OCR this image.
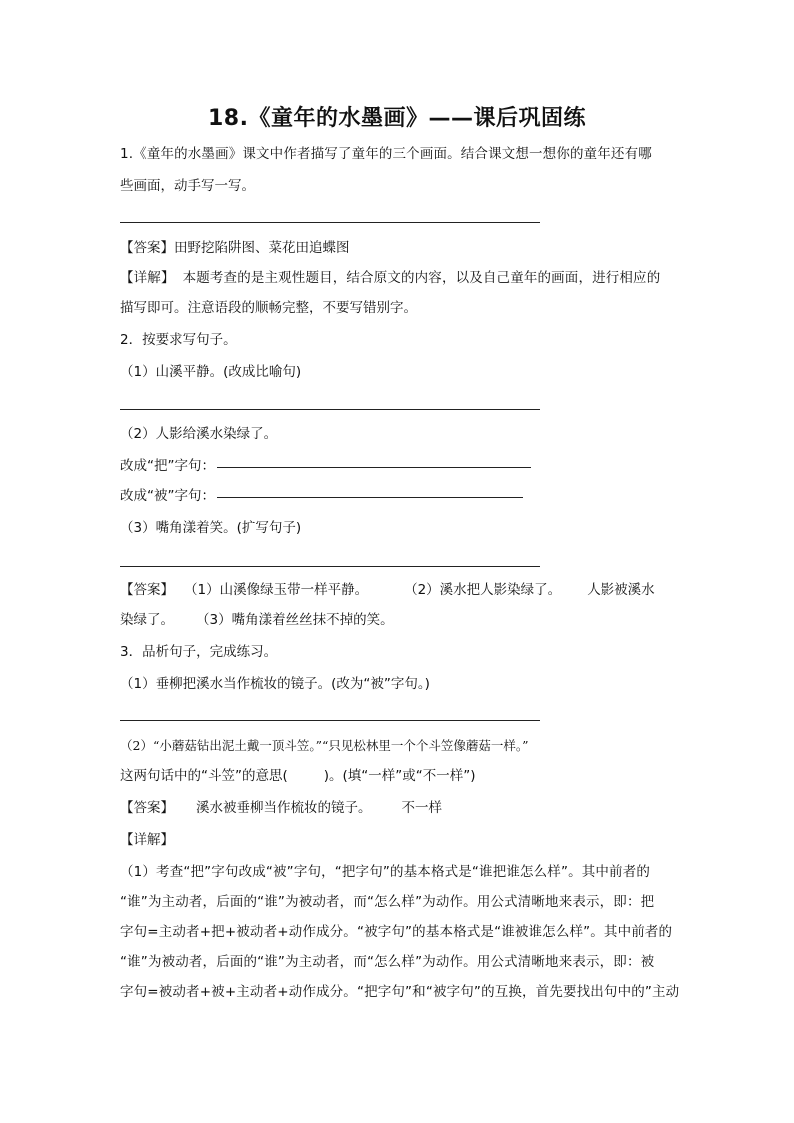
18.《童年的水墨画》——课后巩固练
1.《童年的水墨画》课文中作者描写了童年的三个画面。结合课文想一想你的童年还有哪
些画面，动手写一写。
【答案】田野挖陷阱图、菜花田追蝶图
【详解】 本题考查的是主观性题目，结合原文的内容，以及自己童年的画面，进行相应的
描写即可。注意语段的顺畅完整，不要写错别字。
2．按要求写句子。
（1）山溪平静。(改成比喻句)
（2）人影给溪水染绿了。
改成“把”字句：
改成“被”字句：
（3）嘴角漾着笑。(扩写句子)
【答案】 （1）山溪像绿玉带一样平静。	（2）溪水把人影染绿了。 人影被溪水
染绿了。 （3）嘴角漾着丝丝抹不掉的笑。
3．品析句子，完成练习。
（1）垂柳把溪水当作梳妆的镜子。(改为“被”字句。)
（2）“小蘑菇钻出泥土戴一顶斗笠。”“只见松林里一个个斗笠像蘑菇一样。”
这两句话中的“斗笠”的意思(	)。(填“一样”或“不一样”)
【答案】 溪水被垂柳当作梳妆的镜子。 不一样
【详解】
（1）考查“把”字句改成“被”字句，“把字句”的基本格式是“谁把谁怎么样”。其中前者的
“谁”为主动者，后面的“谁”为被动者，而“怎么样”为动作。用公式清晰地来表示，即：把
字句=主动者+把+被动者+动作成分。“被字句”的基本格式是“谁被谁怎么样”。其中前者的
“谁”为被动者，后面的“谁”为主动者，而“怎么样”为动作。用公式清晰地来表示，即：被
字句=被动者+被+主动者+动作成分。“把字句”和“被字句”的互换，首先要找出句中的”主动
